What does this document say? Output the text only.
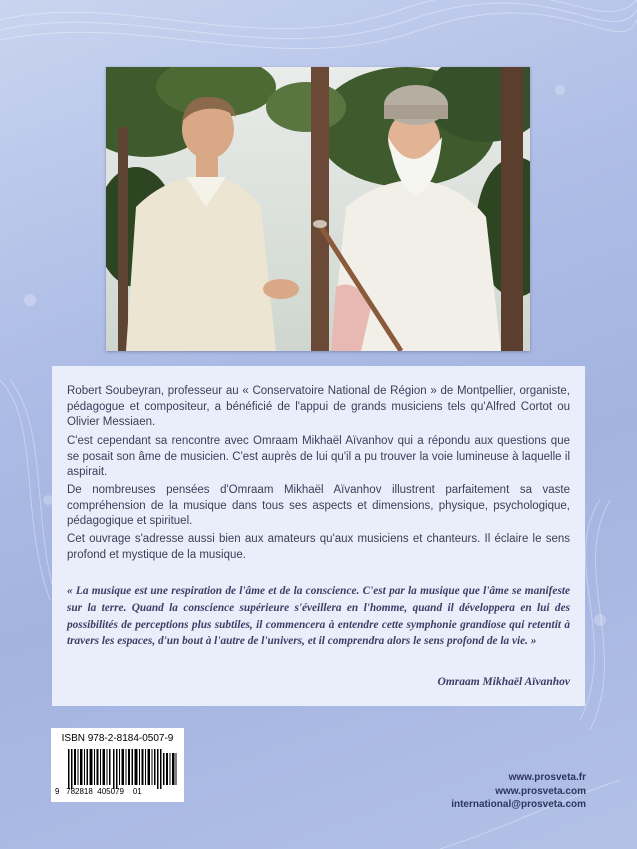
Robert Soubeyran, professeur au « Conservatoire National de Région » de Montpellier, organiste, pédagogue et compositeur, a bénéficié de l'appui de grands musiciens tels qu'Alfred Cortot ou Olivier Messiaen.

C'est cependant sa rencontre avec Omraam Mikhaël Aïvanhov qui a répondu aux questions que se posait son âme de musicien. C'est auprès de lui qu'il a pu trouver la voie lumineuse à laquelle il aspirait.

De nombreuses pensées d'Omraam Mikhaël Aïvanhov illustrent parfaitement sa vaste compréhension de la musique dans tous ses aspects et dimensions, physique, psychologique, pédagogique et spirituel.

Cet ouvrage s'adresse aussi bien aux amateurs qu'aux musiciens et chanteurs. Il éclaire le sens profond et mystique de la musique.

« La musique est une respiration de l'âme et de la conscience. C'est par la musique que l'âme se manifeste sur la terre. Quand la conscience supérieure s'éveillera en l'homme, quand il développera en lui des possibilités de perceptions plus subtiles, il commencera à entendre cette symphonie grandiose qui retentit à travers les espaces, d'un bout à l'autre de l'univers, et il comprendra alors le sens profond de la vie. »

Omraam Mikhaël Aïvanhov

ISBN 978-2-8184-0507-9
9   782818  405079    01
www.prosveta.fr
www.prosveta.com
international@prosveta.com
